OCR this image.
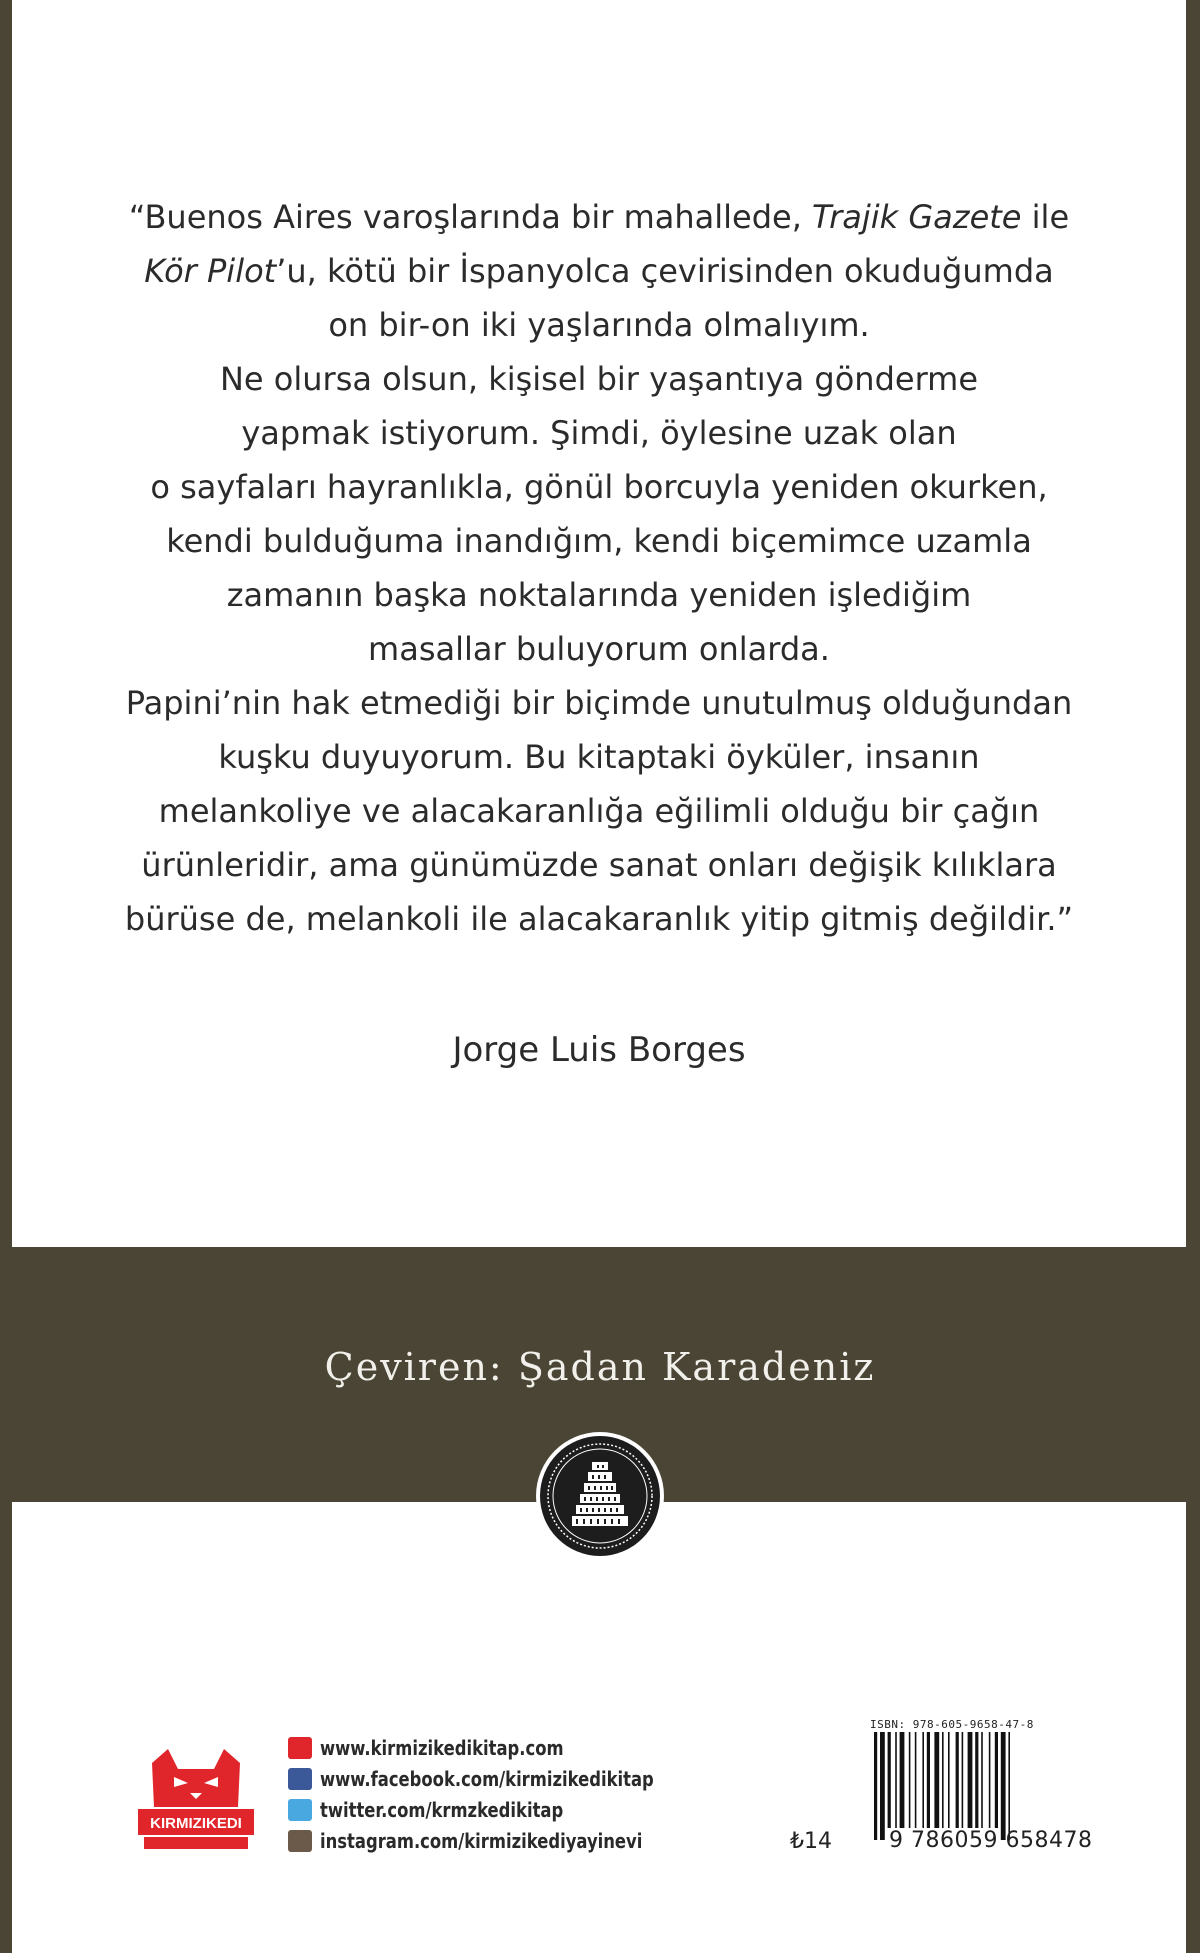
“Buenos Aires varoşlarında bir mahallede, Trajik Gazete ile
Kör Pilot’u, kötü bir İspanyolca çevirisinden okuduğumda
on bir-on iki yaşlarında olmalıyım.
Ne olursa olsun, kişisel bir yaşantıya gönderme
yapmak istiyorum. Şimdi, öylesine uzak olan
o sayfaları hayranlıkla, gönül borcuyla yeniden okurken,
kendi bulduğuma inandığım, kendi biçemimce uzamla
zamanın başka noktalarında yeniden işlediğim
masallar buluyorum onlarda.
Papini’nin hak etmediği bir biçimde unutulmuş olduğundan
kuşku duyuyorum. Bu kitaptaki öyküler, insanın
melankoliye ve alacakaranlığa eğilimli olduğu bir çağın
ürünleridir, ama günümüzde sanat onları değişik kılıklara
bürüse de, melankoli ile alacakaranlık yitip gitmiş değildir.”
Jorge Luis Borges
Çeviren: Şadan Karadeniz
KIRMIZIKEDI
www.kirmizikedikitap.com
www.facebook.com/kirmizikedikitap
twitter.com/krmzkedikitap
instagram.com/kirmizikediyayinevi	₺14
ISBN: 978-605-9658-47-8
9 786059 658478
